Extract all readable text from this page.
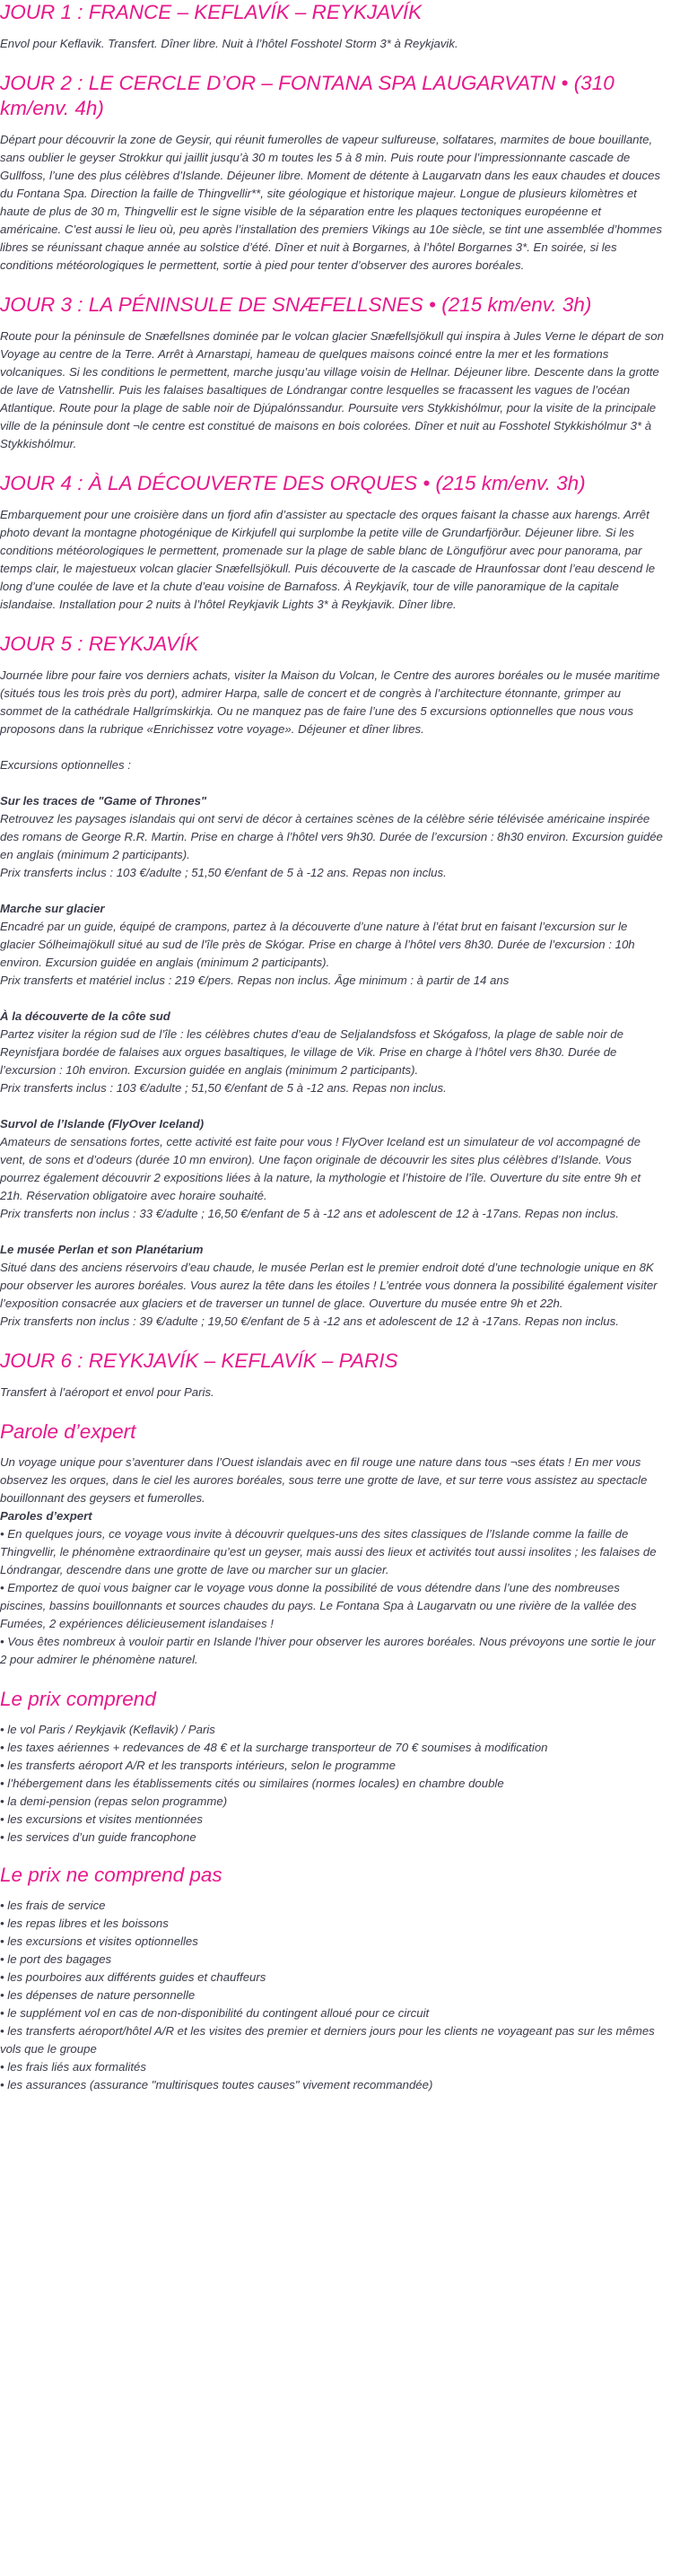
JOUR 1 : FRANCE – KEFLAVÍK – REYKJAVÍK

Envol pour Keflavik. Transfert. Dîner libre. Nuit à l’hôtel Fosshotel Storm 3* à Reykjavik.

JOUR 2 : LE CERCLE D’OR – FONTANA SPA LAUGARVATN • (310 km/env. 4h)

Départ pour découvrir la zone de Geysir, qui réunit fumerolles de vapeur sulfureuse, solfatares, marmites de boue bouillante, sans oublier le geyser Strokkur qui jaillit jusqu’à 30 m toutes les 5 à 8 min. Puis route pour l’impressionnante cascade de Gullfoss, l’une des plus célèbres d’Islande. Déjeuner libre. Moment de détente à Laugarvatn dans les eaux chaudes et douces du Fontana Spa. Direction la faille de Thingvellir**, site géologique et historique majeur. Longue de plusieurs kilomètres et haute de plus de 30 m, Thingvellir est le signe visible de la séparation entre les plaques tectoniques européenne et américaine. C’est aussi le lieu où, peu après l’installation des premiers Vikings au 10e siècle, se tint une assemblée d’hommes libres se réunissant chaque année au solstice d’été. Dîner et nuit à Borgarnes, à l’hôtel Borgarnes 3*. En soirée, si les conditions météorologiques le permettent, sortie à pied pour tenter d’observer des aurores boréales.

JOUR 3 : LA PÉNINSULE DE SNÆFELLSNES • (215 km/env. 3h)

Route pour la péninsule de Snæfellsnes dominée par le volcan glacier Snæfellsjökull qui inspira à Jules Verne le départ de son Voyage au centre de la Terre. Arrêt à Arnarstapi, hameau de quelques maisons coincé entre la mer et les formations volcaniques. Si les conditions le permettent, marche jusqu’au village voisin de Hellnar. Déjeuner libre. Descente dans la grotte de lave de Vatnshellir. Puis les falaises basaltiques de Lóndrangar contre lesquelles se fracassent les vagues de l’océan Atlantique. Route pour la plage de sable noir de Djúpalónssandur. Poursuite vers Stykkishólmur, pour la visite de la principale ville de la péninsule dont ¬le centre est constitué de maisons en bois colorées. Dîner et nuit au Fosshotel Stykkishólmur 3* à Stykkishólmur.

JOUR 4 : À LA DÉCOUVERTE DES ORQUES • (215 km/env. 3h)

Embarquement pour une croisière dans un fjord afin d’assister au spectacle des orques faisant la chasse aux harengs. Arrêt photo devant la montagne photogénique de Kirkjufell qui surplombe la petite ville de Grundarfjörður. Déjeuner libre. Si les conditions météorologiques le permettent, promenade sur la plage de sable blanc de Löngufjörur avec pour panorama, par temps clair, le majestueux volcan glacier Snæfellsjökull. Puis découverte de la cascade de Hraunfossar dont l’eau descend le long d’une coulée de lave et la chute d’eau voisine de Barnafoss. À Reykjavík, tour de ville panoramique de la capitale islandaise. Installation pour 2 nuits à l’hôtel Reykjavik Lights 3* à Reykjavik. Dîner libre.

JOUR 5 : REYKJAVÍK

Journée libre pour faire vos derniers achats, visiter la Maison du Volcan, le Centre des aurores boréales ou le musée maritime (situés tous les trois près du port), admirer Harpa, salle de concert et de congrès à l’architecture étonnante, grimper au sommet de la cathédrale Hallgrímskirkja. Ou ne manquez pas de faire l’une des 5 excursions optionnelles que nous vous proposons dans la rubrique «Enrichissez votre voyage». Déjeuner et dîner libres.

Excursions optionnelles :

Sur les traces de "Game of Thrones"
Retrouvez les paysages islandais qui ont servi de décor à certaines scènes de la célèbre série télévisée américaine inspirée des romans de George R.R. Martin. Prise en charge à l’hôtel vers 9h30. Durée de l’excursion : 8h30 environ. Excursion guidée en anglais (minimum 2 participants).
Prix transferts inclus : 103 €/adulte ; 51,50 €/enfant de 5 à -12 ans. Repas non inclus.
Marche sur glacier
Encadré par un guide, équipé de crampons, partez à la découverte d’une nature à l’état brut en faisant l’excursion sur le glacier Sólheimajökull situé au sud de l’île près de Skógar. Prise en charge à l’hôtel vers 8h30. Durée de l’excursion : 10h environ. Excursion guidée en anglais (minimum 2 participants).
Prix transferts et matériel inclus : 219 €/pers. Repas non inclus. Âge minimum : à partir de 14 ans
À la découverte de la côte sud
Partez visiter la région sud de l’île : les célèbres chutes d’eau de Seljalandsfoss et Skógafoss, la plage de sable noir de Reynisfjara bordée de falaises aux orgues basaltiques, le village de Vik. Prise en charge à l’hôtel vers 8h30. Durée de l’excursion : 10h environ. Excursion guidée en anglais (minimum 2 participants).
Prix transferts inclus : 103 €/adulte ; 51,50 €/enfant de 5 à -12 ans. Repas non inclus.
Survol de l’Islande (FlyOver Iceland)
Amateurs de sensations fortes, cette activité est faite pour vous ! FlyOver Iceland est un simulateur de vol accompagné de vent, de sons et d’odeurs (durée 10 mn environ). Une façon originale de découvrir les sites plus célèbres d’Islande. Vous pourrez également découvrir 2 expositions liées à la nature, la mythologie et l’histoire de l’île. Ouverture du site entre 9h et 21h. Réservation obligatoire avec horaire souhaité.
Prix transferts non inclus : 33 €/adulte ; 16,50 €/enfant de 5 à -12 ans et adolescent de 12 à -17ans. Repas non inclus.
Le musée Perlan et son Planétarium
Situé dans des anciens réservoirs d’eau chaude, le musée Perlan est le premier endroit doté d’une technologie unique en 8K pour observer les aurores boréales. Vous aurez la tête dans les étoiles ! L’entrée vous donnera la possibilité également visiter l’exposition consacrée aux glaciers et de traverser un tunnel de glace. Ouverture du musée entre 9h et 22h.
Prix transferts non inclus : 39 €/adulte ; 19,50 €/enfant de 5 à -12 ans et adolescent de 12 à -17ans. Repas non inclus.
JOUR 6 : REYKJAVÍK – KEFLAVÍK – PARIS

Transfert à l’aéroport et envol pour Paris.

Parole d’expert
Un voyage unique pour s’aventurer dans l’Ouest islandais avec en fil rouge une nature dans tous ¬ses états ! En mer vous observez les orques, dans le ciel les aurores boréales, sous terre une grotte de lave, et sur terre vous assistez au spectacle bouillonnant des geysers et fumerolles.
Paroles d’expert
• En quelques jours, ce voyage vous invite à découvrir quelques-uns des sites classiques de l’Islande comme la faille de Thingvellir, le phénomène extraordinaire qu’est un geyser, mais aussi des lieux et activités tout aussi insolites ; les falaises de Lóndrangar, descendre dans une grotte de lave ou marcher sur un glacier.
• Emportez de quoi vous baigner car le voyage vous donne la possibilité de vous détendre dans l’une des nombreuses piscines, bassins bouillonnants et sources chaudes du pays. Le Fontana Spa à Laugarvatn ou une rivière de la vallée des Fumées, 2 expériences délicieusement islandaises !
• Vous êtes nombreux à vouloir partir en Islande l’hiver pour observer les aurores boréales. Nous prévoyons une sortie le jour 2 pour admirer le phénomène naturel.
Le prix comprend
• le vol Paris / Reykjavik (Keflavik) / Paris
• les taxes aériennes + redevances de 48 € et la surcharge transporteur de 70 € soumises à modification
• les transferts aéroport A/R et les transports intérieurs, selon le programme
• l’hébergement dans les établissements cités ou similaires (normes locales) en chambre double
• la demi-pension (repas selon programme)
• les excursions et visites mentionnées
• les services d’un guide francophone
Le prix ne comprend pas
• les frais de service
• les repas libres et les boissons
• les excursions et visites optionnelles
• le port des bagages
• les pourboires aux différents guides et chauffeurs
• les dépenses de nature personnelle
• le supplément vol en cas de non-disponibilité du contingent alloué pour ce circuit
• les transferts aéroport/hôtel A/R et les visites des premier et derniers jours pour les clients ne voyageant pas sur les mêmes vols que le groupe
• les frais liés aux formalités
• les assurances (assurance "multirisques toutes causes" vivement recommandée)
